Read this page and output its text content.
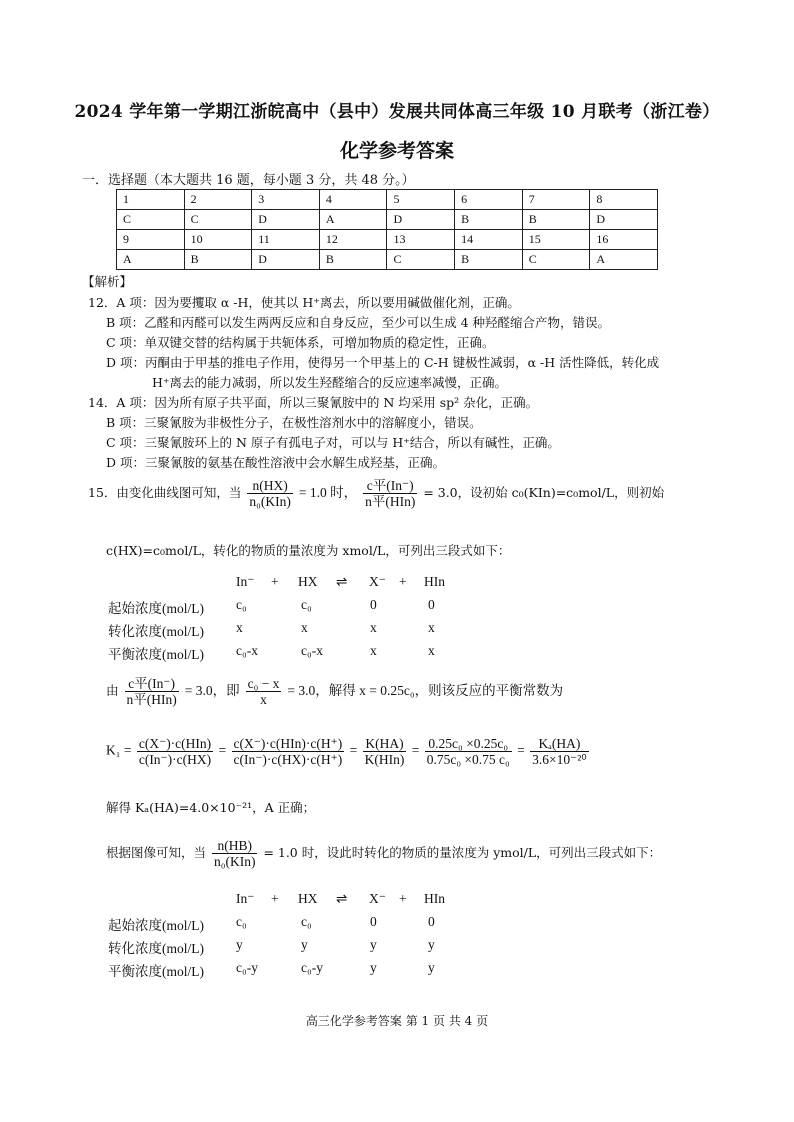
2024 学年第一学期江浙皖高中（县中）发展共同体高三年级 10 月联考（浙江卷）
化学参考答案
一．选择题（本大题共 16 题，每小题 3 分，共 48 分。）
1	2	3	4	5	6	7	8
C	C	D	A	D	B	B	D
9	10	11	12	13	14	15	16
A	B	D	B	C	B	C	A
【解析】
12．A 项：因为要攫取 α -H，使其以 H⁺离去，所以要用碱做催化剂，正确。
B 项：乙醛和丙醛可以发生两两反应和自身反应，至少可以生成 4 种羟醛缩合产物，错误。
C 项：单双键交替的结构属于共轭体系，可增加物质的稳定性，正确。
D 项：丙酮由于甲基的推电子作用，使得另一个甲基上的 C-H 键极性减弱，α -H 活性降低，转化成
H⁺离去的能力减弱，所以发生羟醛缩合的反应速率减慢，正确。
14．A 项：因为所有原子共平面，所以三聚氰胺中的 N 均采用 sp² 杂化，正确。
B 项：三聚氰胺为非极性分子，在极性溶剂水中的溶解度小，错误。
C 项：三聚氰胺环上的 N 原子有孤电子对，可以与 H⁺结合，所以有碱性，正确。
D 项：三聚氰胺的氨基在酸性溶液中会水解生成羟基，正确。
15．由变化曲线图可知，当 $\frac{n(HX)}{\text{n₀(KIn)}} = 1.0$ 时， $\frac{\text{c平(In⁻)}}{\text{n平(HIn)}} = 3.0$，设初始 c₀(KIn)=c₀mol/L，则初始
c(HX)=c₀mol/L，转化的物质的量浓度为 xmol/L，可列出三段式如下：
In⁻ + HX ⇌ X⁻ + HIn
起始浓度(mol/L) c₀	c₀	0	0
转化浓度(mol/L) x	x	x	x
平衡浓度(mol/L) c₀-x	c₀-x	x	x
由 $\frac{\text{c平(In⁻)}}{\text{n平(HIn)}} = 3.0$，即 $\frac{\text{c₀ − x}}{x} = 3.0$，解得 x = 0.25c₀，则该反应的平衡常数为
$K_1 = \frac{\text{c(X⁻)·c(HIn)}}{c(In^-)\cdot c(HX)} = \frac{\text{c(X⁻)·c(HIn)·c(H⁺)}}{c(In^-)\cdot c(HX)\cdot c(H^+)} = \frac{K(HA)}{\text{K(HIn)}} = \frac{\text{0.25c₀ ×0.25c₀}}{\text{0.75c₀ ×0.75 c₀}} = \frac{\text{Kₐ(HA)}}{\text{3.6×10⁻²⁰}}$
解得 Kₐ(HA)=4.0×10⁻²¹，A 正确；
根据图像可知，当 $\frac{n(HB)}{\text{n₀(KIn)}} = 1.0$ 时，设此时转化的物质的量浓度为 ymol/L，可列出三段式如下：
In⁻ + HX ⇌ X⁻ + HIn
起始浓度(mol/L) c₀	c₀	0	0
转化浓度(mol/L) y	y	y	y
平衡浓度(mol/L) c₀-y	c₀-y	y	y
高三化学参考答案 第 1 页 共 4 页
